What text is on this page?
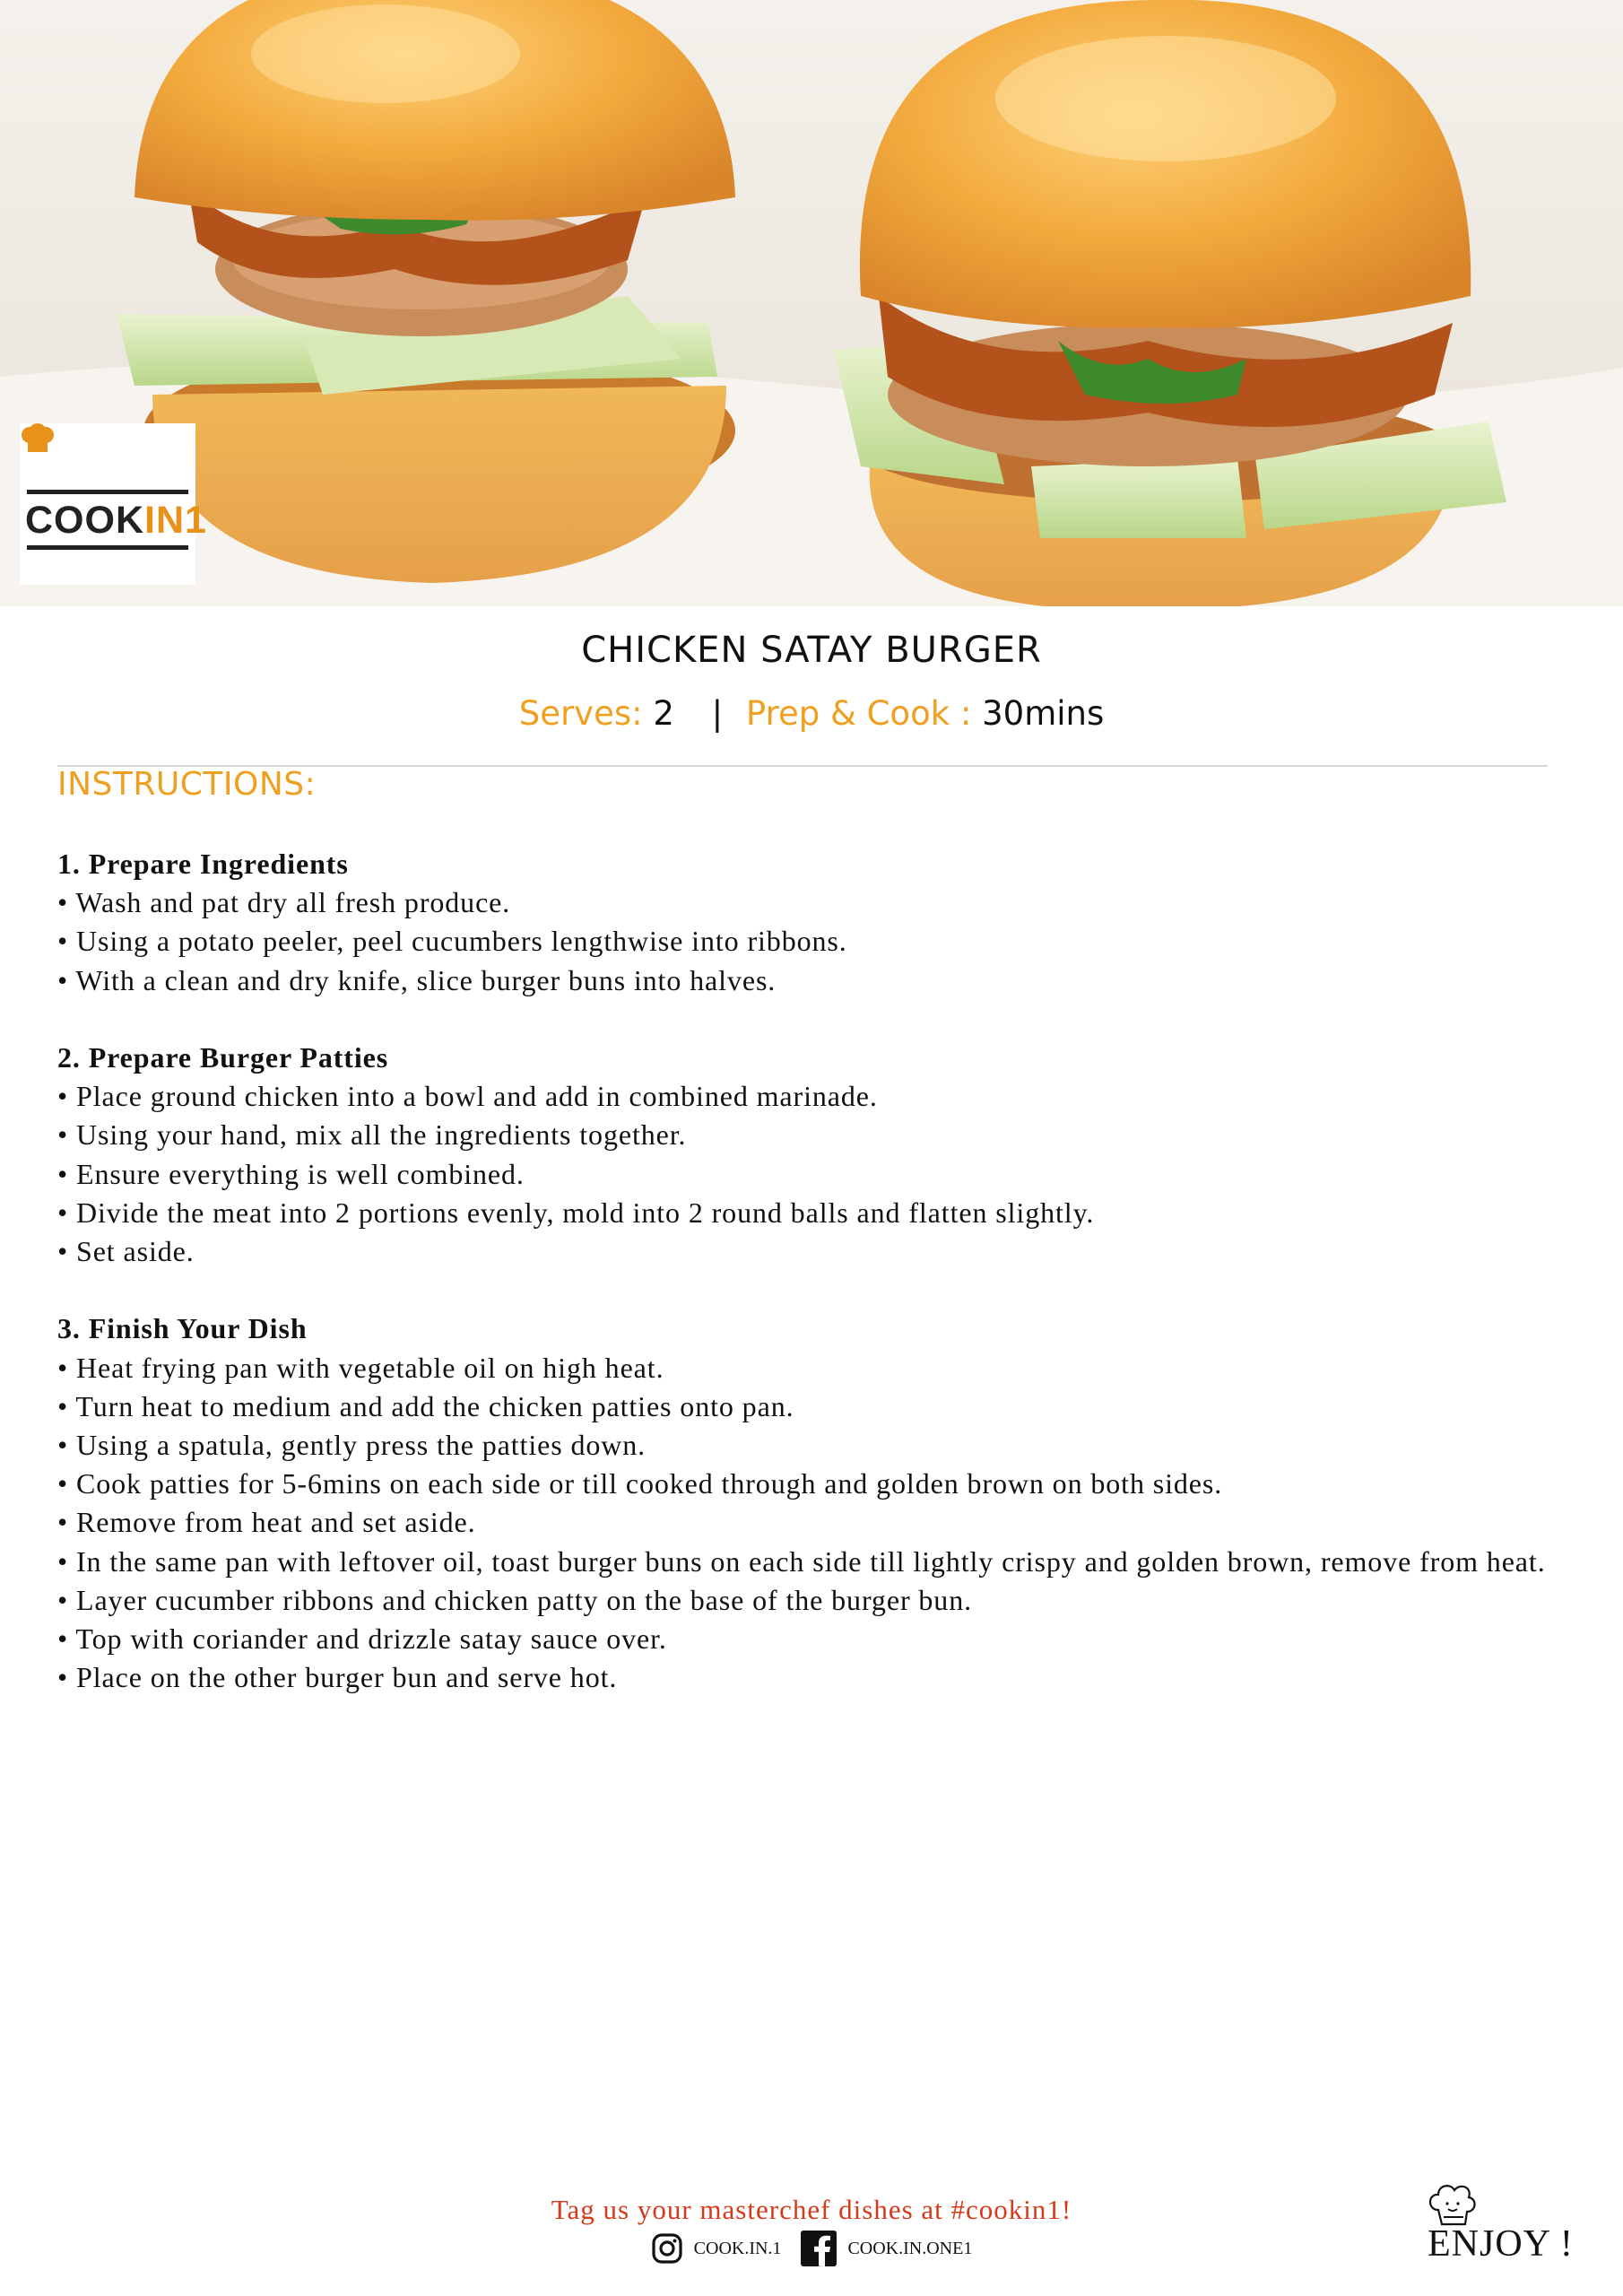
COOKIN1
CHICKEN SATAY BURGER
Serves: 2 | Prep & Cook : 30mins
INSTRUCTIONS:
1. Prepare Ingredients

• Wash and pat dry all fresh produce.

• Using a potato peeler, peel cucumbers lengthwise into ribbons.

• With a clean and dry knife, slice burger buns into halves.

2. Prepare Burger Patties

• Place ground chicken into a bowl and add in combined marinade.

• Using your hand, mix all the ingredients together.

• Ensure everything is well combined.

• Divide the meat into 2 portions evenly, mold into 2 round balls and flatten slightly.

• Set aside.

3. Finish Your Dish

• Heat frying pan with vegetable oil on high heat.

• Turn heat to medium and add the chicken patties onto pan.

• Using a spatula, gently press the patties down.

• Cook patties for 5-6mins on each side or till cooked through and golden brown on both sides.

• Remove from heat and set aside.

• In the same pan with leftover oil, toast burger buns on each side till lightly crispy and golden brown, remove from heat.

• Layer cucumber ribbons and chicken patty on the base of the burger bun.

• Top with coriander and drizzle satay sauce over.

• Place on the other burger bun and serve hot.

Tag us your masterchef dishes at #cookin1!
COOK.IN.1	COOK.IN.ONE1	ENJOY !
